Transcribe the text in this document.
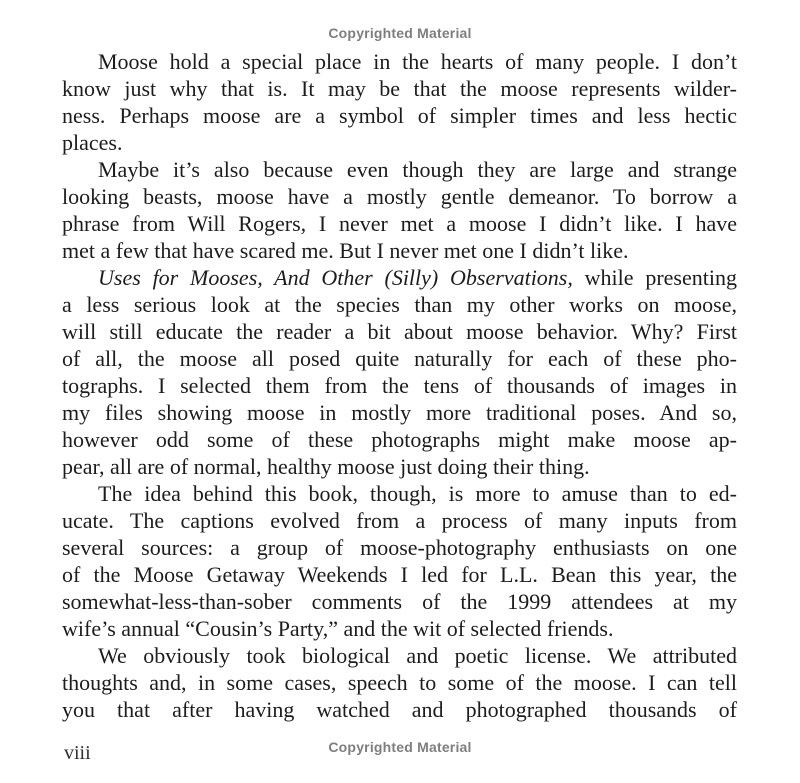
Copyrighted Material
Moose hold a special place in the hearts of many people. I don’t
know just why that is. It may be that the moose represents wilder-
ness. Perhaps moose are a symbol of simpler times and less hectic
places.
Maybe it’s also because even though they are large and strange
looking beasts, moose have a mostly gentle demeanor. To borrow a
phrase from Will Rogers, I never met a moose I didn’t like. I have
met a few that have scared me. But I never met one I didn’t like.
Uses for Mooses, And Other (Silly) Observations, while presenting
a less serious look at the species than my other works on moose,
will still educate the reader a bit about moose behavior. Why? First
of all, the moose all posed quite naturally for each of these pho-
tographs. I selected them from the tens of thousands of images in
my files showing moose in mostly more traditional poses. And so,
however odd some of these photographs might make moose ap-
pear, all are of normal, healthy moose just doing their thing.
The idea behind this book, though, is more to amuse than to ed-
ucate. The captions evolved from a process of many inputs from
several sources: a group of moose-photography enthusiasts on one
of the Moose Getaway Weekends I led for L.L. Bean this year, the
somewhat-less-than-sober comments of the 1999 attendees at my
wife’s annual “Cousin’s Party,” and the wit of selected friends.
We obviously took biological and poetic license. We attributed
thoughts and, in some cases, speech to some of the moose. I can tell
you that after having watched and photographed thousands of
viii	Copyrighted Material
